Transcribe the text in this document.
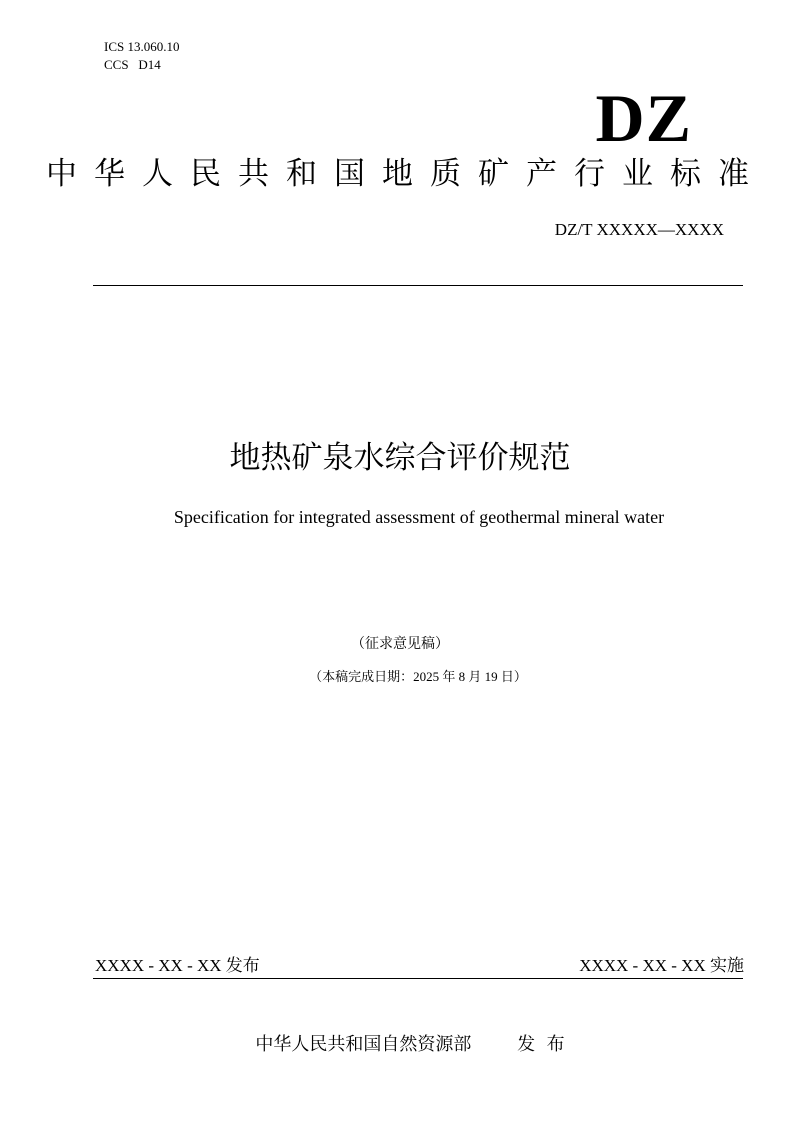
ICS 13.060.10
CCS   D14
DZ
中华人民共和国地质矿产行业标准
DZ/T XXXXX—XXXX
地热矿泉水综合评价规范
Specification for integrated assessment of geothermal mineral water
（征求意见稿）
（本稿完成日期：2025 年 8 月 19 日）
XXXX - XX - XX 发布	XXXX - XX - XX 实施
中华人民共和国自然资源部	发  布
